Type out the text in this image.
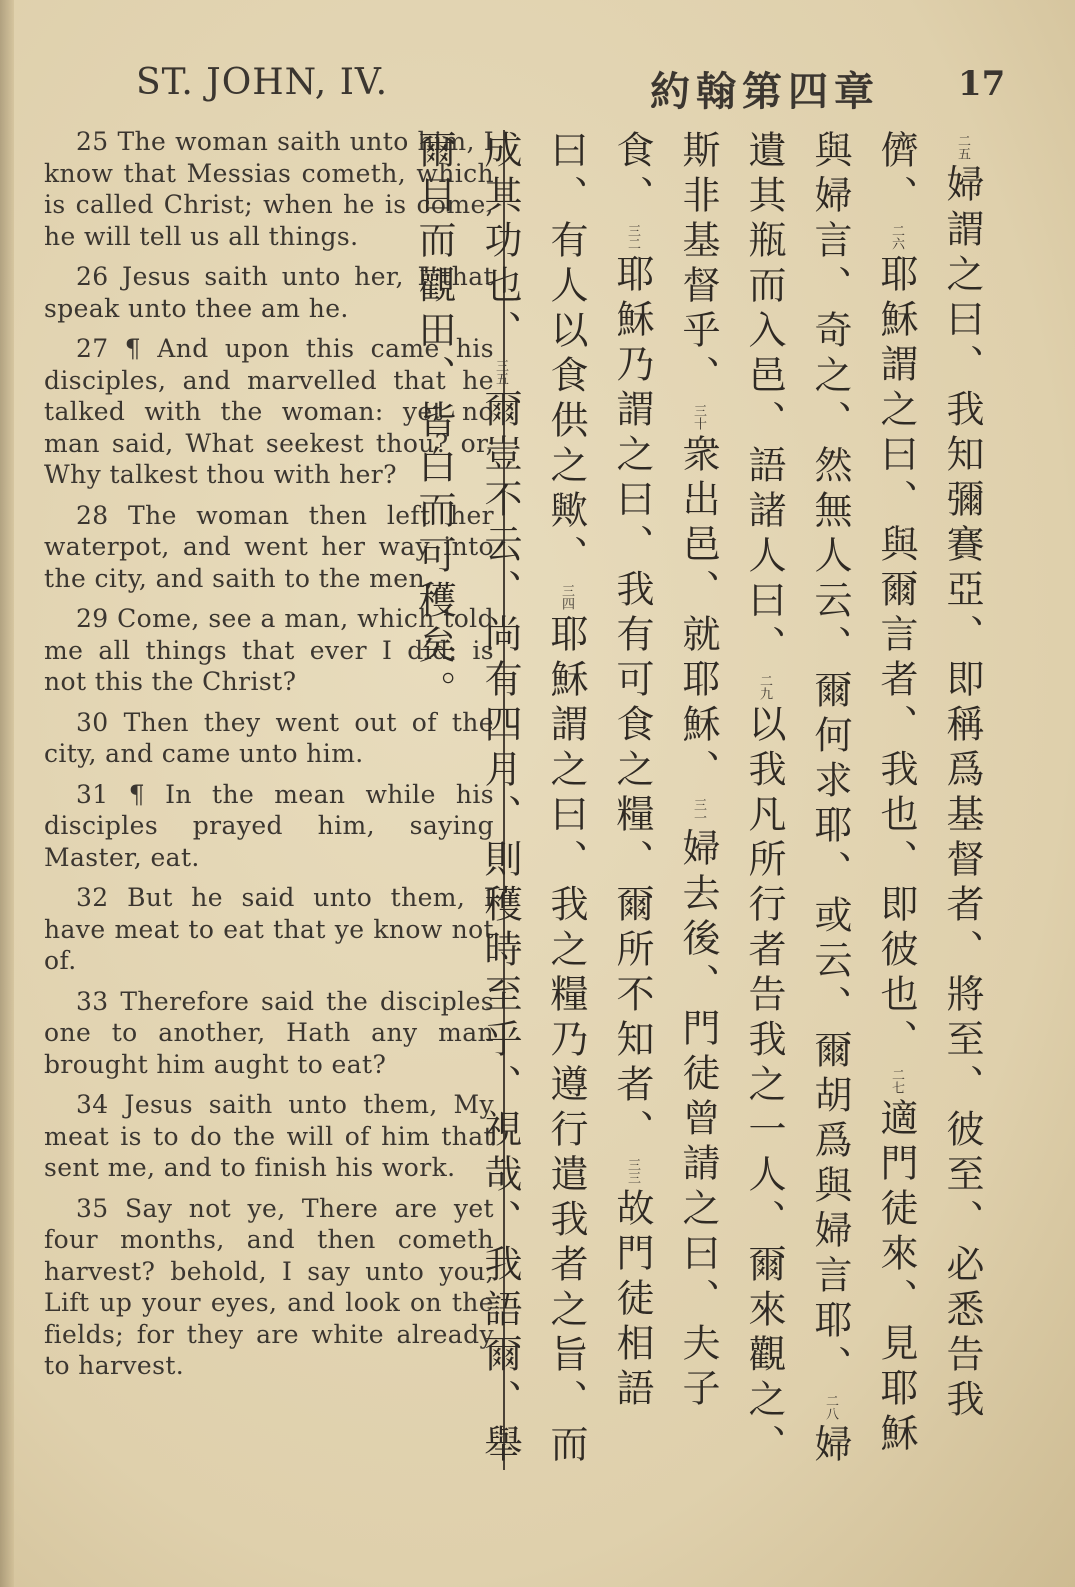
ST. JOHN, IV.	約翰第四章 17

25 The woman saith unto him, I know that Messias cometh, which is called Christ; when he is come, he will tell us all things.

26 Jesus saith unto her, I that speak unto thee am he.

27 ¶ And upon this came his disciples, and marvelled that he talked with the woman: yet no man said, What seekest thou? or, Why talkest thou with her?

28 The woman then left her waterpot, and went her way into the city, and saith to the men,

29 Come, see a man, which told me all things that ever I did: is not this the Christ?

30 Then they went out of the city, and came unto him.

31 ¶ In the mean while his disciples prayed him, saying Master, eat.

32 But he said unto them, I have meat to eat that ye know not of.

33 Therefore said the disciples one to another, Hath any man brought him aught to eat?

34 Jesus saith unto them, My meat is to do the will of him that sent me, and to finish his work.

35 Say not ye, There are yet four months, and then cometh harvest? behold, I say unto you, Lift up your eyes, and look on the fields; for they are white already to harvest.

二五婦謂之曰、我知彌賽亞、即稱爲基督者、將至、彼至、必悉告我儕、二六耶穌謂之曰、與爾言者、我也、即彼也、二七適門徒來、見耶穌與婦言、奇之、然無人云、爾何求耶、或云、爾胡爲與婦言耶、二八婦遺其瓶而入邑、語諸人曰、二九以我凡所行者告我之一人、爾來觀之、斯非基督乎、三十衆出邑、就耶穌、三一婦去後、門徒曾請之曰、夫子食、三二耶穌乃謂之曰、我有可食之糧、爾所不知者、三三故門徒相語曰、有人以食供之歟、三四耶穌謂之曰、我之糧乃遵行遣我者之旨、而成其功也、三五爾豈不云、尚有四月、則穫時至乎、視哉、我語爾、舉爾目而觀田、皆白而可穫矣。
